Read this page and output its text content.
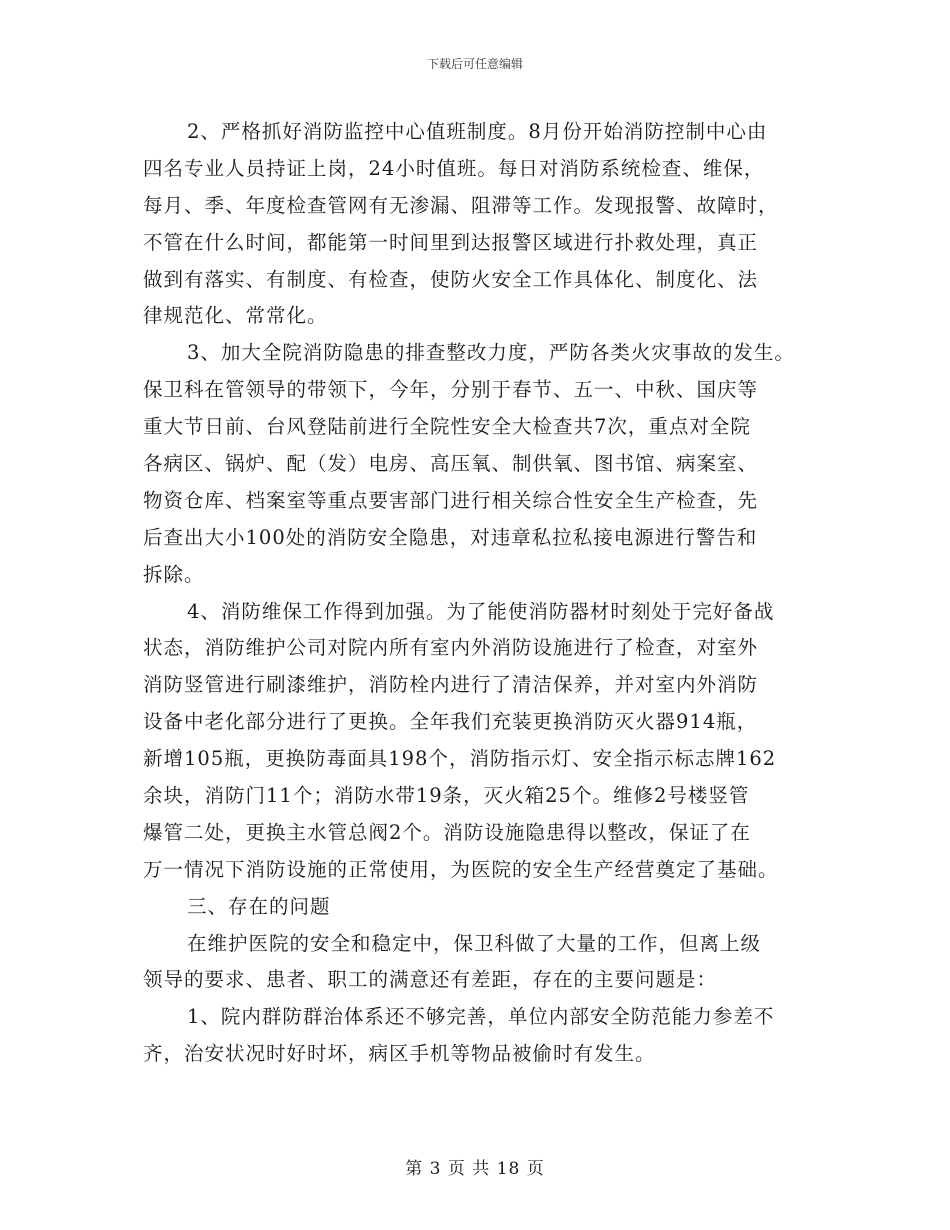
下载后可任意编辑
2、严格抓好消防监控中心值班制度。8月份开始消防控制中心由
四名专业人员持证上岗，24小时值班。每日对消防系统检查、维保，
每月、季、年度检查管网有无渗漏、阻滞等工作。发现报警、故障时，
不管在什么时间，都能第一时间里到达报警区域进行扑救处理，真正
做到有落实、有制度、有检查，使防火安全工作具体化、制度化、法
律规范化、常常化。
3、加大全院消防隐患的排查整改力度，严防各类火灾事故的发生。
保卫科在管领导的带领下，今年，分别于春节、五一、中秋、国庆等
重大节日前、台风登陆前进行全院性安全大检查共7次，重点对全院
各病区、锅炉、配（发）电房、高压氧、制供氧、图书馆、病案室、
物资仓库、档案室等重点要害部门进行相关综合性安全生产检查，先
后查出大小100处的消防安全隐患，对违章私拉私接电源进行警告和
拆除。
4、消防维保工作得到加强。为了能使消防器材时刻处于完好备战
状态，消防维护公司对院内所有室内外消防设施进行了检查，对室外
消防竖管进行刷漆维护，消防栓内进行了清洁保养，并对室内外消防
设备中老化部分进行了更换。全年我们充装更换消防灭火器914瓶，
新增105瓶，更换防毒面具198个，消防指示灯、安全指示标志牌162
余块，消防门11个；消防水带19条，灭火箱25个。维修2号楼竖管
爆管二处，更换主水管总阀2个。消防设施隐患得以整改，保证了在
万一情况下消防设施的正常使用，为医院的安全生产经营奠定了基础。
三、存在的问题
在维护医院的安全和稳定中，保卫科做了大量的工作，但离上级
领导的要求、患者、职工的满意还有差距，存在的主要问题是：
1、院内群防群治体系还不够完善，单位内部安全防范能力参差不
齐，治安状况时好时坏，病区手机等物品被偷时有发生。
第 3 页 共 18 页
